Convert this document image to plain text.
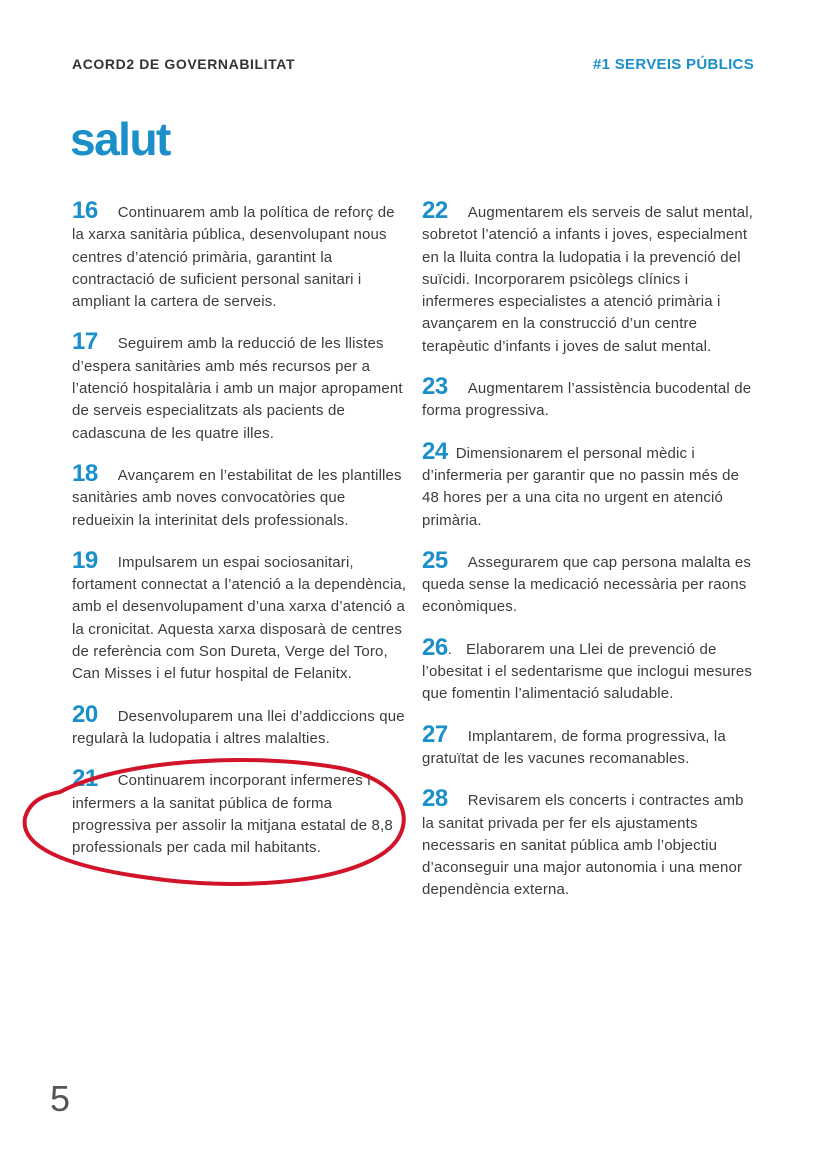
ACORD2 DE GOVERNABILITAT	#1 SERVEIS PÚBLICS
salut
16 Continuarem amb la política de reforç de la xarxa sanitària pública, desenvolupant nous centres d’atenció primària, garantint la contractació de suficient personal sanitari i ampliant la cartera de serveis.
17 Seguirem amb la reducció de les llistes d’espera sanitàries amb més recursos per a l’atenció hospitalària i amb un major apropament de serveis especialitzats als pacients de cadascuna de les quatre illes.
18 Avançarem en l’estabilitat de les plantilles sanitàries amb noves convocatòries que redueixin la interinitat dels professionals.
19 Impulsarem un espai sociosanitari, fortament connectat a l’atenció a la dependència, amb el desenvolupament d’una xarxa d’atenció a la cronicitat. Aquesta xarxa disposarà de centres de referència com Son Dureta, Verge del Toro, Can Misses i el futur hospital de Felanitx.
20 Desenvoluparem una llei d’addiccions que regularà la ludopatia i altres malalties.
21 Continuarem incorporant infermeres i infermers a la sanitat pública de forma progressiva per assolir la mitjana estatal de 8,8 professionals per cada mil habitants.
22 Augmentarem els serveis de salut mental, sobretot l’atenció a infants i joves, especialment en la lluita contra la ludopatia i la prevenció del suïcidi. Incorporarem psicòlegs clínics i infermeres especialistes a atenció primària i avançarem en la construcció d’un centre terapèutic d’infants i joves de salut mental.
23 Augmentarem l’assistència bucodental de forma progressiva.
24 Dimensionarem el personal mèdic i d’infermeria per garantir que no passin més de 48 hores per a una cita no urgent en atenció primària.
25 Assegurarem que cap persona malalta es queda sense la medicació necessària per raons econòmiques.
26. Elaborarem una Llei de prevenció de l’obesitat i el sedentarisme que inclogui mesures que fomentin l’alimentació saludable.
27 Implantarem, de forma progressiva, la gratuïtat de les vacunes recomanables.
28 Revisarem els concerts i contractes amb la sanitat privada per fer els ajustaments necessaris en sanitat pública amb l’objectiu d’aconseguir una major autonomia i una menor dependència externa.
5
